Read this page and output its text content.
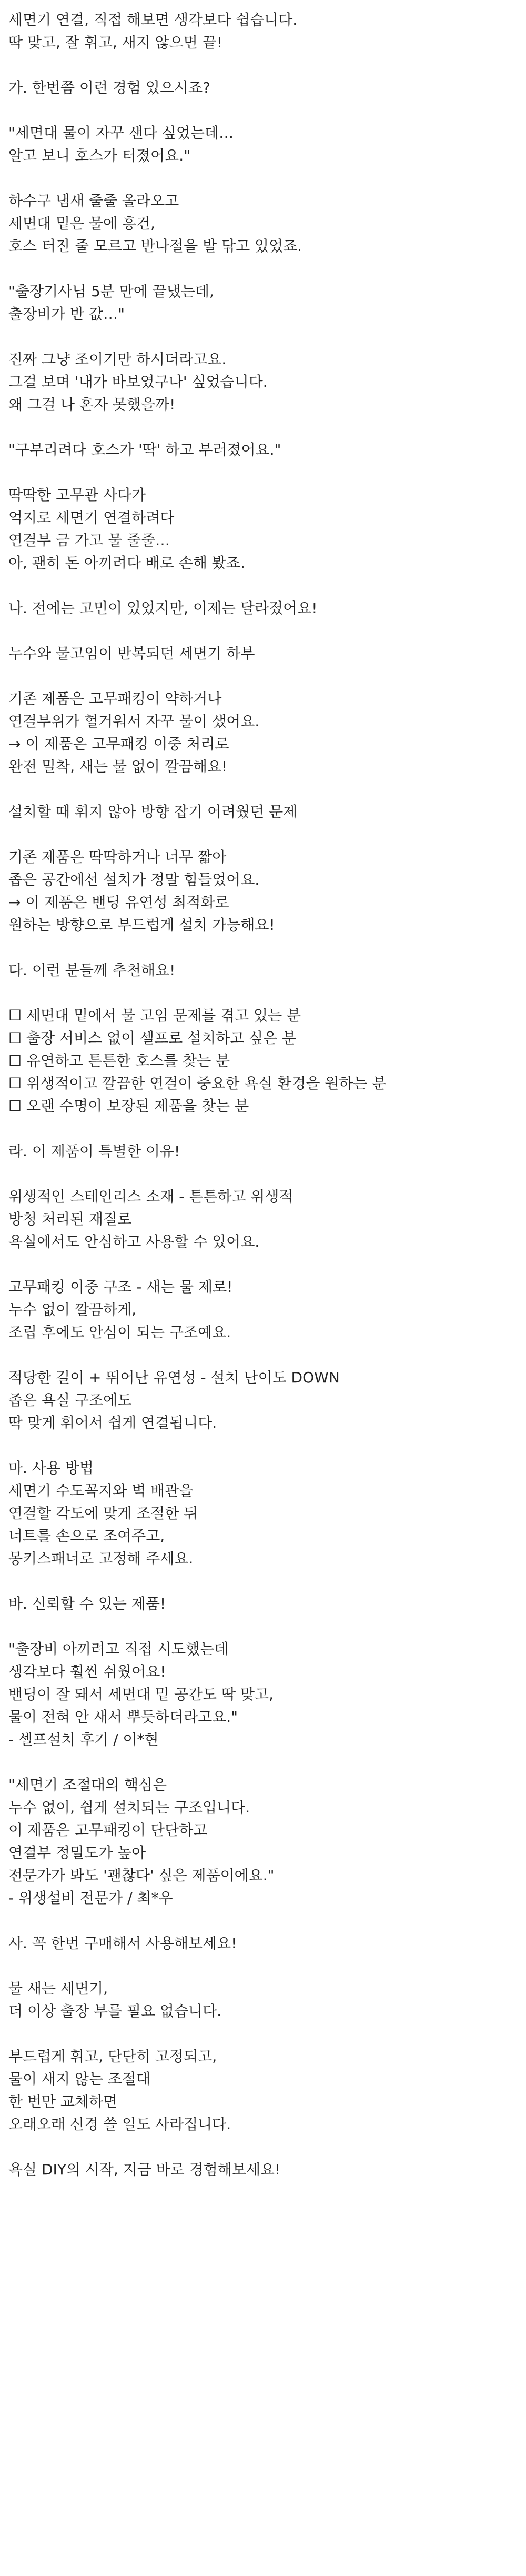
세면기 연결, 직접 해보면 생각보다 쉽습니다.
딱 맞고, 잘 휘고, 새지 않으면 끝!
가. 한번쯤 이런 경험 있으시죠?
"세면대 물이 자꾸 샌다 싶었는데…
알고 보니 호스가 터졌어요."
하수구 냄새 줄줄 올라오고
세면대 밑은 물에 흥건,
호스 터진 줄 모르고 반나절을 발 닦고 있었죠.
"출장기사님 5분 만에 끝냈는데,
출장비가 반 값…"
진짜 그냥 조이기만 하시더라고요.
그걸 보며 '내가 바보였구나' 싶었습니다.
왜 그걸 나 혼자 못했을까!
"구부리려다 호스가 '딱' 하고 부러졌어요."
딱딱한 고무관 사다가
억지로 세면기 연결하려다
연결부 금 가고 물 줄줄…
아, 괜히 돈 아끼려다 배로 손해 봤죠.
나. 전에는 고민이 있었지만, 이제는 달라졌어요!
누수와 물고임이 반복되던 세면기 하부
기존 제품은 고무패킹이 약하거나
연결부위가 헐거워서 자꾸 물이 샜어요.
→ 이 제품은 고무패킹 이중 처리로
완전 밀착, 새는 물 없이 깔끔해요!
설치할 때 휘지 않아 방향 잡기 어려웠던 문제
기존 제품은 딱딱하거나 너무 짧아
좁은 공간에선 설치가 정말 힘들었어요.
→ 이 제품은 밴딩 유연성 최적화로
원하는 방향으로 부드럽게 설치 가능해요!
다. 이런 분들께 추천해요!
☐ 세면대 밑에서 물 고임 문제를 겪고 있는 분
☐ 출장 서비스 없이 셀프로 설치하고 싶은 분
☐ 유연하고 튼튼한 호스를 찾는 분
☐ 위생적이고 깔끔한 연결이 중요한 욕실 환경을 원하는 분
☐ 오랜 수명이 보장된 제품을 찾는 분
라. 이 제품이 특별한 이유!
위생적인 스테인리스 소재 - 튼튼하고 위생적
방청 처리된 재질로
욕실에서도 안심하고 사용할 수 있어요.
고무패킹 이중 구조 - 새는 물 제로!
누수 없이 깔끔하게,
조립 후에도 안심이 되는 구조예요.
적당한 길이 + 뛰어난 유연성 - 설치 난이도 DOWN
좁은 욕실 구조에도
딱 맞게 휘어서 쉽게 연결됩니다.
마. 사용 방법
세면기 수도꼭지와 벽 배관을
연결할 각도에 맞게 조절한 뒤
너트를 손으로 조여주고,
몽키스패너로 고정해 주세요.
바. 신뢰할 수 있는 제품!
"출장비 아끼려고 직접 시도했는데
생각보다 훨씬 쉬웠어요!
밴딩이 잘 돼서 세면대 밑 공간도 딱 맞고,
물이 전혀 안 새서 뿌듯하더라고요."
- 셀프설치 후기 / 이*현
"세면기 조절대의 핵심은
누수 없이, 쉽게 설치되는 구조입니다.
이 제품은 고무패킹이 단단하고
연결부 정밀도가 높아
전문가가 봐도 '괜찮다' 싶은 제품이에요."
- 위생설비 전문가 / 최*우
사. 꼭 한번 구매해서 사용해보세요!
물 새는 세면기,
더 이상 출장 부를 필요 없습니다.
부드럽게 휘고, 단단히 고정되고,
물이 새지 않는 조절대
한 번만 교체하면
오래오래 신경 쓸 일도 사라집니다.
욕실 DIY의 시작, 지금 바로 경험해보세요!
